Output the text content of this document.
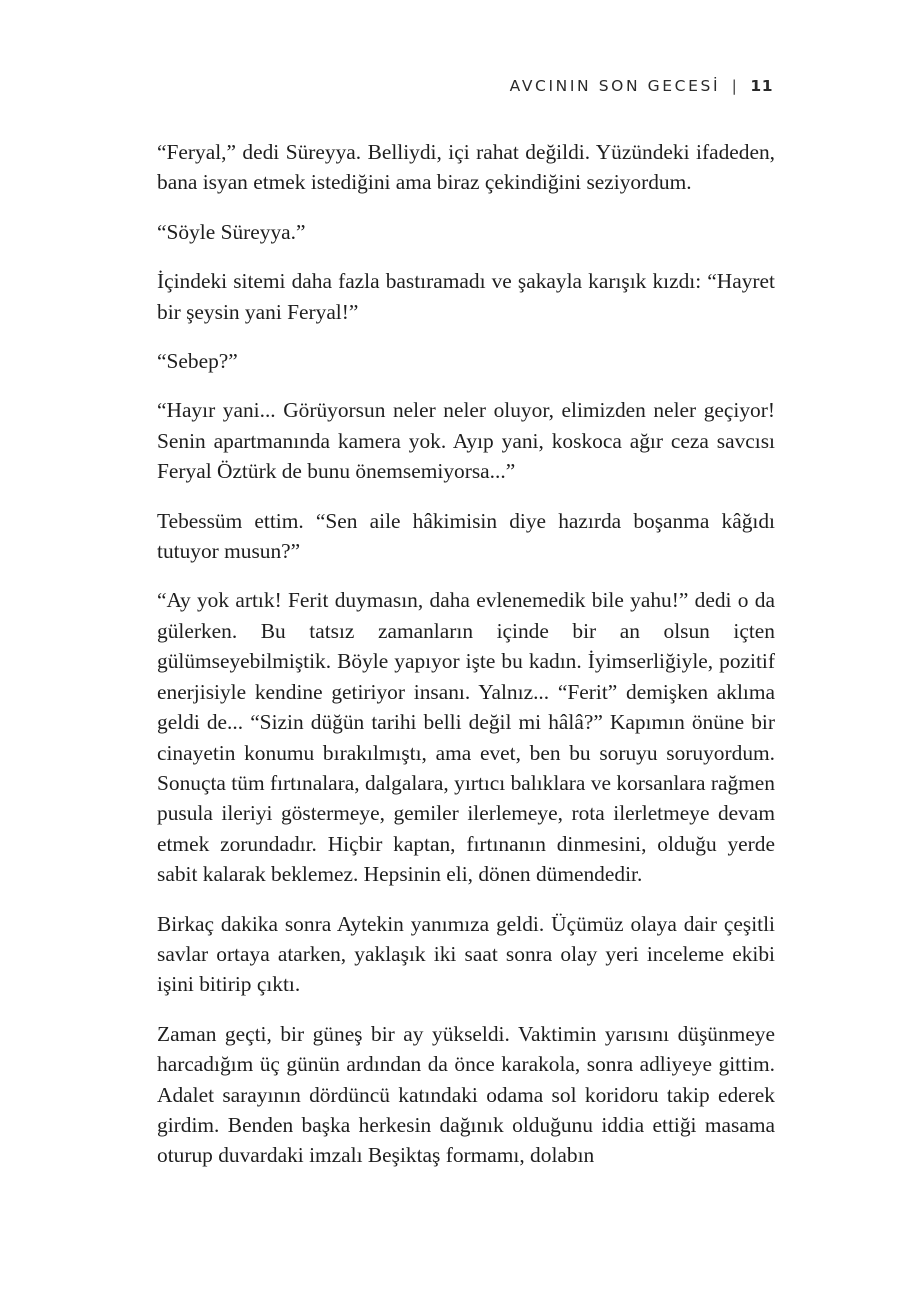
AVCININ SON GECESİ | 11

“Feryal,” dedi Süreyya. Belliydi, içi rahat değildi. Yüzündeki ifadeden, bana isyan etmek istediğini ama biraz çekindiğini seziyordum.

“Söyle Süreyya.”

İçindeki sitemi daha fazla bastıramadı ve şakayla karışık kızdı: “Hayret bir şeysin yani Feryal!”

“Sebep?”

“Hayır yani... Görüyorsun neler neler oluyor, elimizden neler geçiyor! Senin apartmanında kamera yok. Ayıp yani, koskoca ağır ceza savcısı Feryal Öztürk de bunu önemsemiyorsa...”

Tebessüm ettim. “Sen aile hâkimisin diye hazırda boşanma kâğıdı tutuyor musun?”

“Ay yok artık! Ferit duymasın, daha evlenemedik bile yahu!” dedi o da gülerken. Bu tatsız zamanların içinde bir an olsun içten gülümseyebilmiştik. Böyle yapıyor işte bu kadın. İyimserliğiyle, pozitif enerjisiyle kendine getiriyor insanı. Yalnız... “Ferit” demişken aklıma geldi de... “Sizin düğün tarihi belli değil mi hâlâ?” Kapımın önüne bir cinayetin konumu bırakılmıştı, ama evet, ben bu soruyu soruyordum. Sonuçta tüm fırtınalara, dalgalara, yırtıcı balıklara ve korsanlara rağmen pusula ileriyi göstermeye, gemiler ilerlemeye, rota ilerletmeye devam etmek zorundadır. Hiçbir kaptan, fırtınanın dinmesini, olduğu yerde sabit kalarak beklemez. Hepsinin eli, dönen dümendedir.

Birkaç dakika sonra Aytekin yanımıza geldi. Üçümüz olaya dair çeşitli savlar ortaya atarken, yaklaşık iki saat sonra olay yeri inceleme ekibi işini bitirip çıktı.

Zaman geçti, bir güneş bir ay yükseldi. Vaktimin yarısını düşünmeye harcadığım üç günün ardından da önce karakola, sonra adliyeye gittim. Adalet sarayının dördüncü katındaki odama sol koridoru takip ederek girdim. Benden başka herkesin dağınık olduğunu iddia ettiği masama oturup duvardaki imzalı Beşiktaş formamı, dolabın
